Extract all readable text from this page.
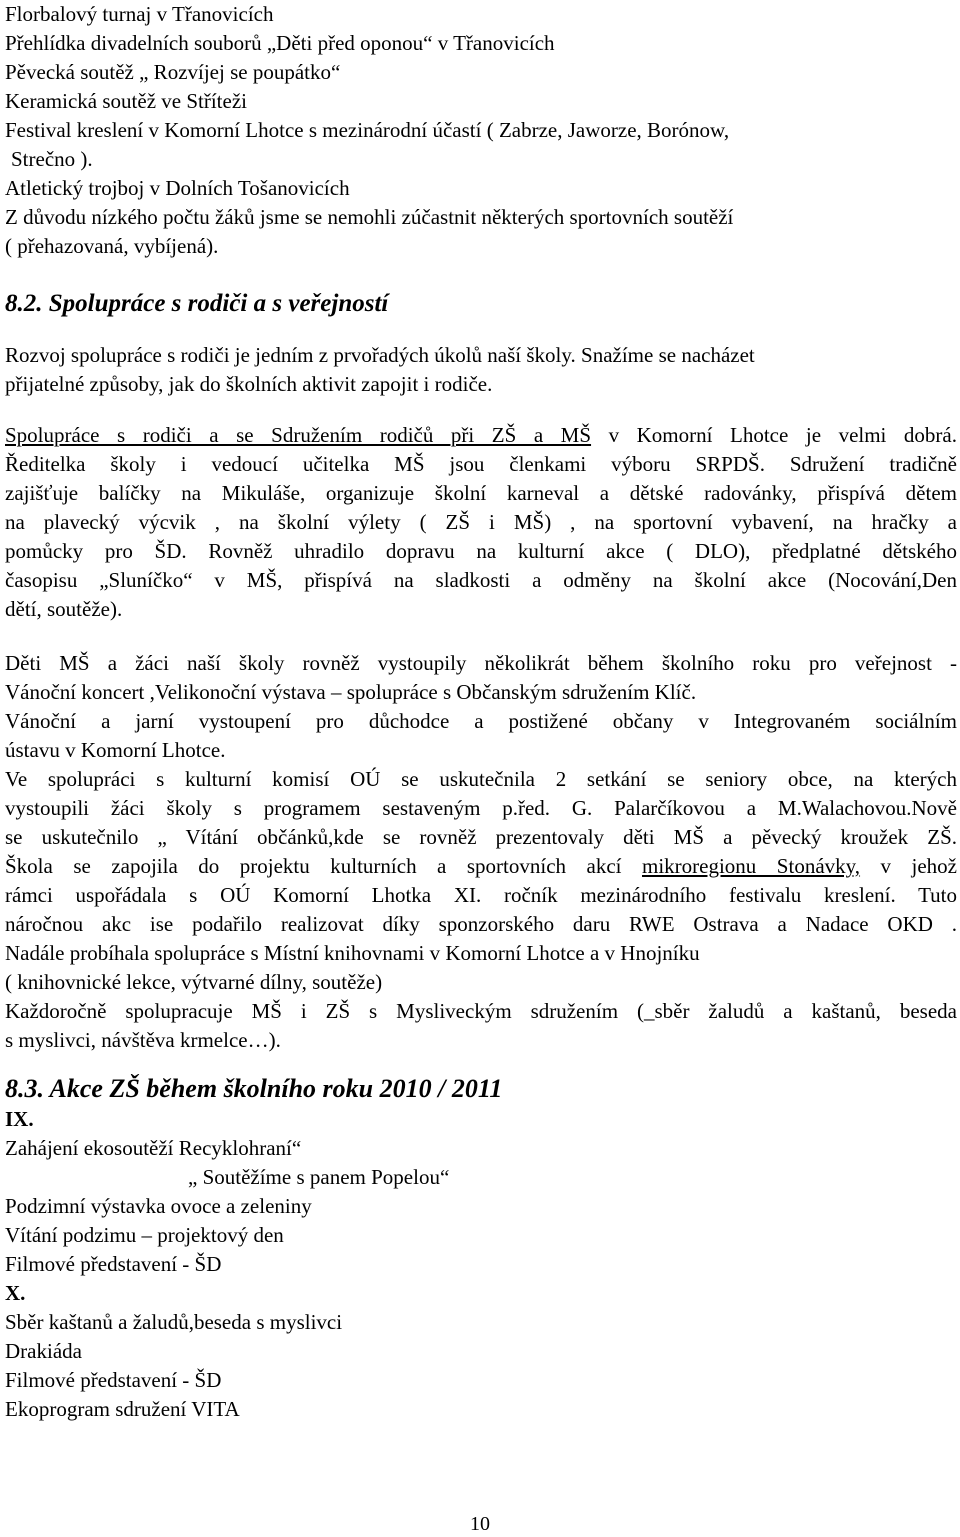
Florbalový turnaj v Třanovicích
Přehlídka divadelních souborů „Děti před oponou“ v Třanovicích
Pěvecká soutěž „ Rozvíjej se poupátko“
Keramická soutěž ve Stříteži
Festival kreslení v Komorní Lhotce s mezinárodní účastí ( Zabrze, Jaworze, Borónow,
Strečno ).
Atletický trojboj v Dolních Tošanovicích
Z důvodu nízkého počtu žáků jsme se nemohli zúčastnit některých sportovních soutěží
( přehazovaná, vybíjená).
8.2. Spolupráce s rodiči a s veřejností
Rozvoj spolupráce s rodiči je jedním z prvořadých úkolů naší školy. Snažíme se nacházet
přijatelné způsoby, jak do školních aktivit zapojit i rodiče.
Spolupráce s rodiči a se Sdružením rodičů při ZŠ a MŠ v Komorní Lhotce je velmi dobrá.
Ředitelka školy i vedoucí učitelka MŠ jsou členkami výboru SRPDŠ. Sdružení tradičně
zajišťuje balíčky na Mikuláše, organizuje školní karneval a dětské radovánky, přispívá dětem
na plavecký výcvik , na školní výlety ( ZŠ i MŠ) , na sportovní vybavení, na hračky a
pomůcky pro ŠD. Rovněž uhradilo dopravu na kulturní akce ( DLO), předplatné dětského
časopisu „Sluníčko“ v MŠ, přispívá na sladkosti a odměny na školní akce (Nocování,Den
dětí, soutěže).
Děti MŠ a žáci naší školy rovněž vystoupily několikrát během školního roku pro veřejnost -
Vánoční koncert ,Velikonoční výstava – spolupráce s Občanským sdružením Klíč.
Vánoční a jarní vystoupení pro důchodce a postižené občany v Integrovaném sociálním
ústavu v Komorní Lhotce.
Ve spolupráci s kulturní komisí OÚ se uskutečnila 2 setkání se seniory obce, na kterých
vystoupili žáci školy s programem sestaveným p.řed. G. Palarčíkovou a M.Walachovou.Nově
se uskutečnilo „ Vítání občánků,kde se rovněž prezentovaly děti MŠ a pěvecký kroužek ZŠ.
Škola se zapojila do projektu kulturních a sportovních akcí mikroregionu Stonávky, v jehož
rámci uspořádala s OÚ Komorní Lhotka XI. ročník mezinárodního festivalu kreslení. Tuto
náročnou akc ise podařilo realizovat díky sponzorského daru RWE Ostrava a Nadace OKD .
Nadále probíhala spolupráce s Místní knihovnami v Komorní Lhotce a v Hnojníku
( knihovnické lekce, výtvarné dílny, soutěže)
Každoročně spolupracuje MŠ i ZŠ s Mysliveckým sdružením (_sběr žaludů a kaštanů, beseda
s myslivci, návštěva krmelce…).
8.3. Akce ZŠ během školního roku 2010 / 2011
IX.
Zahájení ekosoutěží Recyklohraní“
„ Soutěžíme s panem Popelou“
Podzimní výstavka ovoce a zeleniny
Vítání podzimu – projektový den
Filmové představení - ŠD
X.
Sběr kaštanů a žaludů,beseda s myslivci
Drakiáda
Filmové představení - ŠD
Ekoprogram sdružení VITA
10
